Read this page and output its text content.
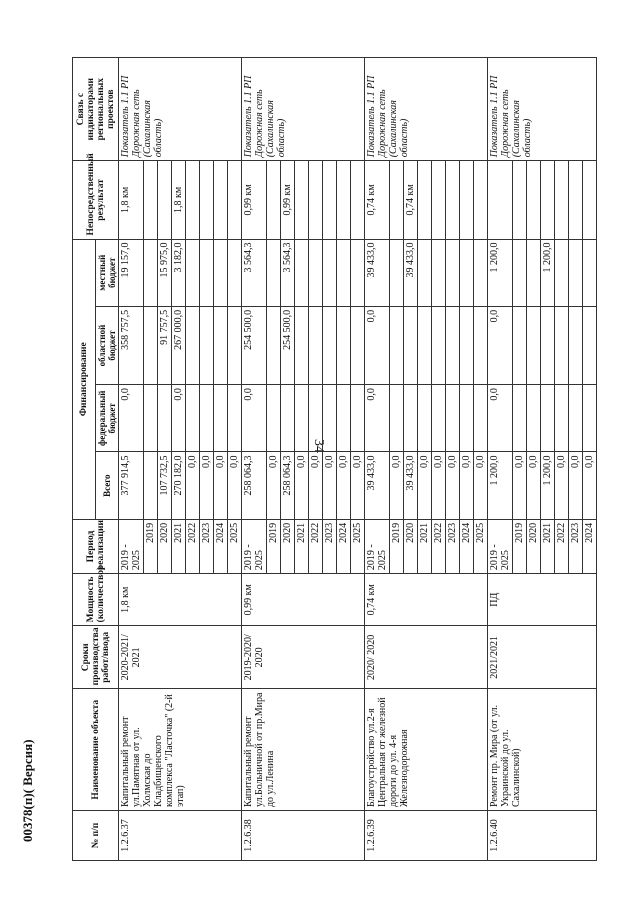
34
00378(п)( Версия)	№ п/п	Наименование объекта	Сроки производства работ/ввода	Мощность (количество)	Период реализации	Финансирование				Непосредственный результат	Связь с индикаторами региональных проектов
					Всего	федеральный бюджет	областной бюджет	местный бюджет		
1.2.6.37	Капитальный ремонт ул.Памятная от ул. Холмская до Кладбищенского комплекса "Ласточка" (2-й этап)	2020-2021/ 2021	1,8 км	2019 - 2025	377 914,5	0,0	358 757,5	19 157,0	1,8 км	Показатель 1.1 РП Дорожная сеть (Сахалинская область)
				2019						
				2020	107 732,5		91 757,5	15 975,0		
				2021	270 182,0	0,0	267 000,0	3 182,0	1,8 км	
				2022	0,0					
				2023	0,0					
				2024	0,0					
				2025	0,0					
1.2.6.38	Капитальный ремонт ул.Больничной от пр.Мира до ул.Ленина	2019-2020/ 2020	0,99 км	2019 - 2025	258 064,3	0,0	254 500,0	3 564,3	0,99 км	Показатель 1.1 РП Дорожная сеть (Сахалинская область)
				2019	0,0					
				2020	258 064,3		254 500,0	3 564,3	0,99 км	
				2021	0,0					
				2022	0,0					
				2023	0,0					
				2024	0,0					
				2025	0,0					
1.2.6.39	Благоустройство ул.2-я Центральная от железной дороги до ул. 4-я Железнодорожная	2020/ 2020	0,74 км	2019 - 2025	39 433,0	0,0	0,0	39 433,0	0,74 км	Показатель 1.1 РП Дорожная сеть (Сахалинская область)
				2019	0,0					
				2020	39 433,0			39 433,0	0,74 км	
				2021	0,0					
				2022	0,0					
				2023	0,0					
				2024	0,0					
				2025	0,0					
1.2.6.40	Ремонт пр. Мира (от ул. Украинской до ул. Сахалинской)	2021/2021	ПД	2019 - 2025	1 200,0	0,0	0,0	1 200,0		Показатель 1.1 РП Дорожная сеть (Сахалинская область)
				2019	0,0					
				2020	0,0					
				2021	1 200,0			1 200,0		
				2022	0,0					
				2023	0,0					
				2024	0,0					
